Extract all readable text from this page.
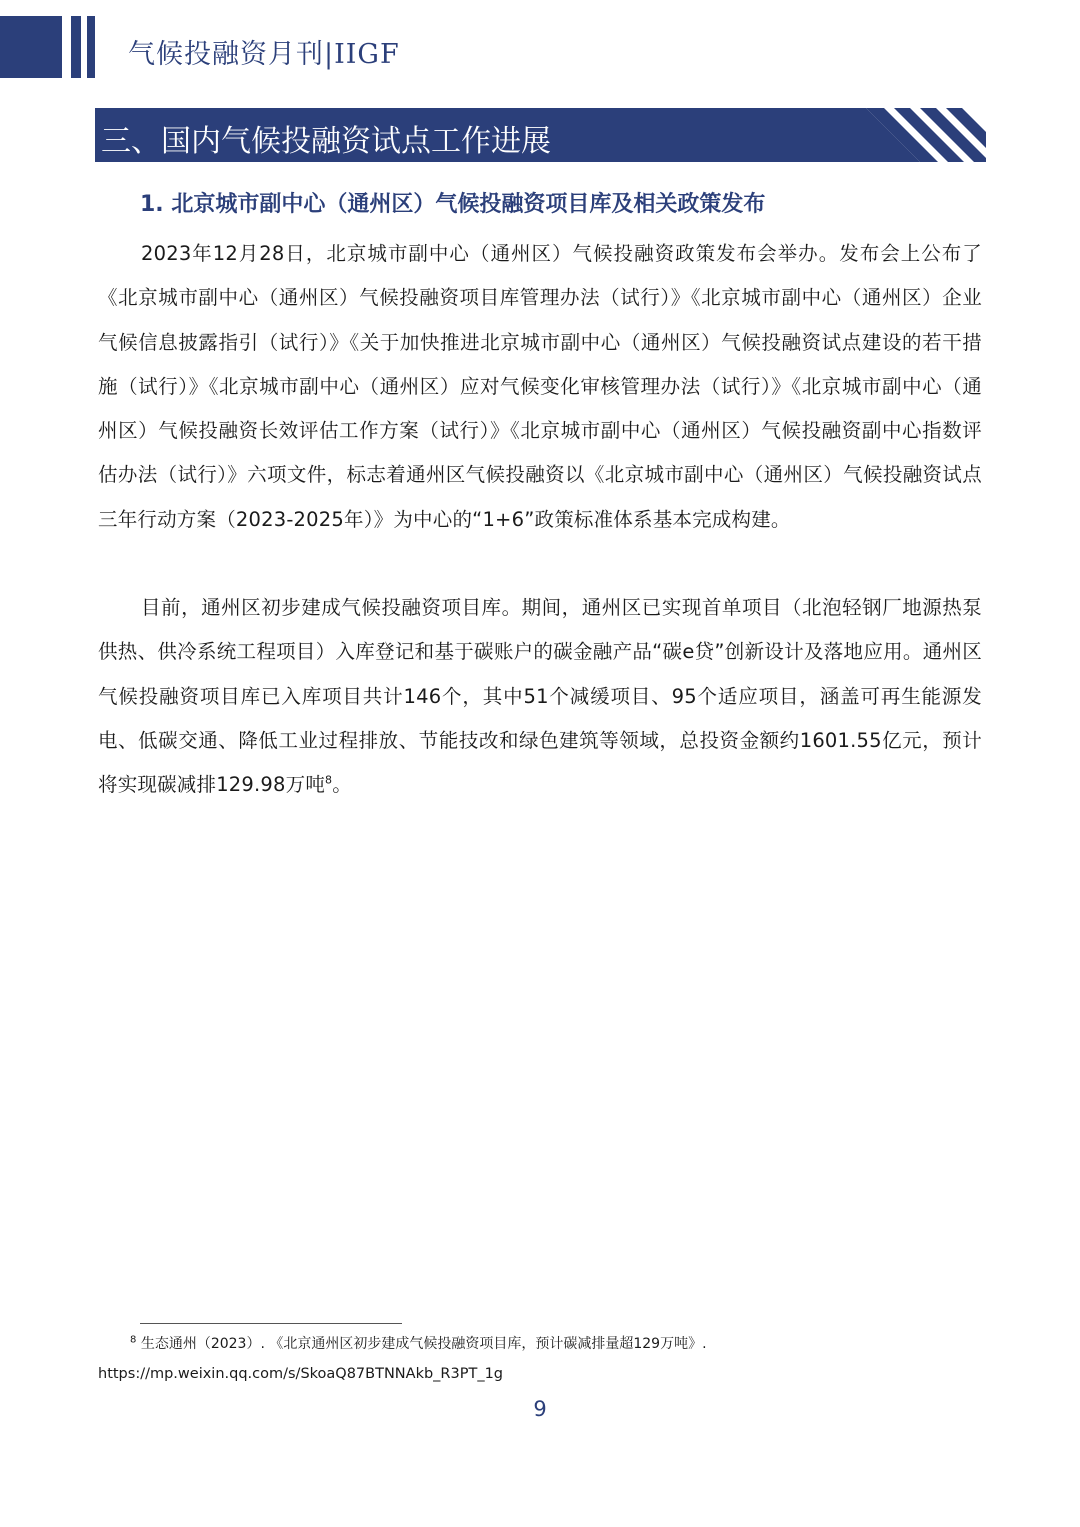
气候投融资月刊|IIGF
三、国内气候投融资试点工作进展
1. 北京城市副中心（通州区）气候投融资项目库及相关政策发布

2023年12月28日，北京城市副中心（通州区）气候投融资政策发布会举办。发布会上公布了《北京城市副中心（通州区）气候投融资项目库管理办法（试行）》《北京城市副中心（通州区）企业气候信息披露指引（试行）》《关于加快推进北京城市副中心（通州区）气候投融资试点建设的若干措施（试行）》《北京城市副中心（通州区）应对气候变化审核管理办法（试行）》《北京城市副中心（通州区）气候投融资长效评估工作方案（试行）》《北京城市副中心（通州区）气候投融资副中心指数评估办法（试行）》六项文件，标志着通州区气候投融资以《北京城市副中心（通州区）气候投融资试点三年行动方案（2023-2025年）》为中心的“1+6”政策标准体系基本完成构建。

目前，通州区初步建成气候投融资项目库。期间，通州区已实现首单项目（北泡轻钢厂地源热泵供热、供冷系统工程项目）入库登记和基于碳账户的碳金融产品“碳e贷”创新设计及落地应用。通州区气候投融资项目库已入库项目共计146个，其中51个减缓项目、95个适应项目，涵盖可再生能源发电、低碳交通、降低工业过程排放、节能技改和绿色建筑等领域，总投资金额约1601.55亿元，预计将实现碳减排129.98万吨$^8$。

$^8$ 生态通州（2023）. 《北京通州区初步建成气候投融资项目库，预计碳减排量超129万吨》.
https://mp.weixin.qq.com/s/SkoaQ87BTNNAkb_R3PT_1g
9
